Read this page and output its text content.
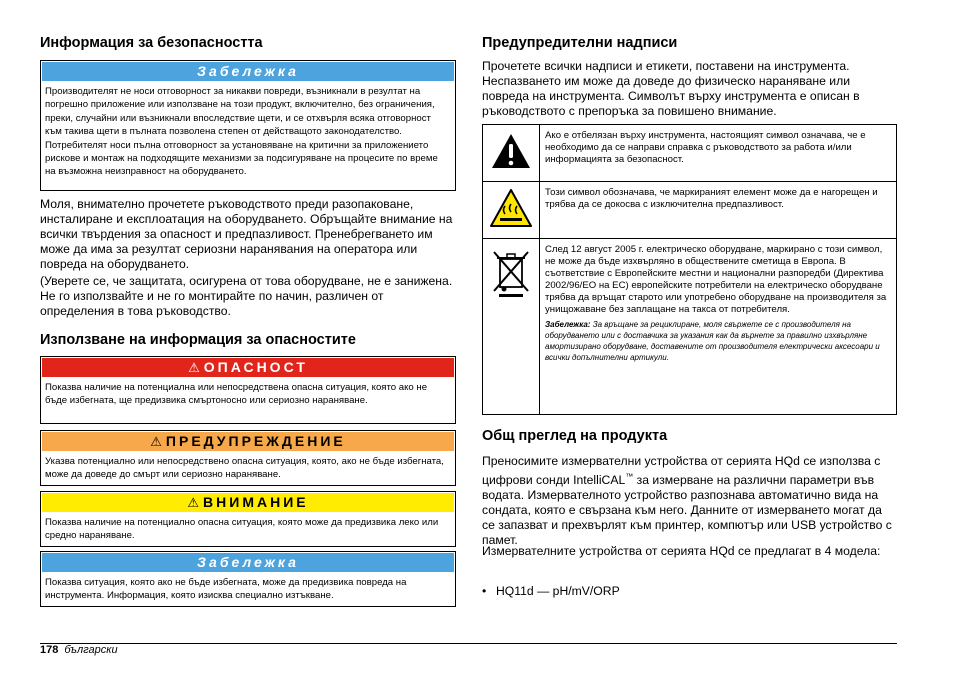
Информация за безопасността
Забележка
Производителят не носи отговорност за никакви повреди, възникнали в резултат на погрешно приложение или използване на този продукт, включително, без ограничения, преки, случайни или възникнали впоследствие щети, и се отхвърля всяка отговорност към такива щети в пълната позволена степен от действащото законодателство. Потребителят носи пълна отговорност за установяване на критични за приложението рискове и монтаж на подходящите механизми за подсигуряване на процесите по време на възможна неизправност на оборудването.

Моля, внимателно прочетете ръководството преди разопаковане, инсталиране и експлоатация на оборудването. Обръщайте внимание на всички твърдения за опасност и предпазливост. Пренебрегването им може да има за резултат сериозни наранявания на оператора или повреда на оборудването.

(Уверете се, че защитата, осигурена от това оборудване, не е занижена. Не го използвайте и не го монтирайте по начин, различен от определения в това ръководство.

Използване на информация за опасностите
⚠ ОПАСНОСТ
Показва наличие на потенциална или непосредствена опасна ситуация, която ако не бъде избегната, ще предизвика смъртоносно или сериозно нараняване.
⚠ ПРЕДУПРЕЖДЕНИЕ
Указва потенциално или непосредствено опасна ситуация, която, ако не бъде избегната, може да доведе до смърт или сериозно нараняване.
⚠ ВНИМАНИЕ
Показва наличие на потенциално опасна ситуация, която може да предизвика леко или средно нараняване.
Забележка
Показва ситуация, която ако не бъде избегната, може да предизвика повреда на инструмента. Информация, която изисква специално изтъкване.
Предупредителни надписи

Прочетете всички надписи и етикети, поставени на инструмента. Неспазването им може да доведе до физическо нараняване или повреда на инструмента. Символът върху инструмента е описан в ръководството с препоръка за повишено внимание.

	Ако е отбелязан върху инструмента, настоящият символ означава, че е необходимо да се направи справка с ръководството за работа и/или информацията за безопасност.
	Този символ обозначава, че маркираният елемент може да е нагорещен и трябва да се докосва с изключителна предпазливост.

След 12 август 2005 г. електрическо оборудване, маркирано с този символ, не може да бъде изхвърляно в обществените сметища в Европа. В съответствие с Европейските местни и национални разпоредби (Директива 2002/96/ЕО на ЕС) европейските потребители на електрическо оборудване трябва да връщат старото или употребено оборудване на производителя за унищожаване без заплащане на такса от потребителя.
Забележка: За връщане за рециклиране, моля свържете се с производителя на оборудването или с доставчика за указания как да върнете за правилно изхвърляне амортизирано оборудване, доставените от производителя електрически аксесоари и всички допълнителни артикули.
Общ преглед на продукта

Преносимите измервателни устройства от серията HQd се използва с цифрови сонди IntelliCAL™ за измерване на различни параметри във водата. Измервателното устройство разпознава автоматично вида на сондата, която е свързана към него. Данните от измерването могат да се запазват и прехвърлят към принтер, компютър или USB устройство с памет.

Измервателните устройства от серията HQd се предлагат в 4 модела:

• HQ11d — pH/mV/ORP
178 български
